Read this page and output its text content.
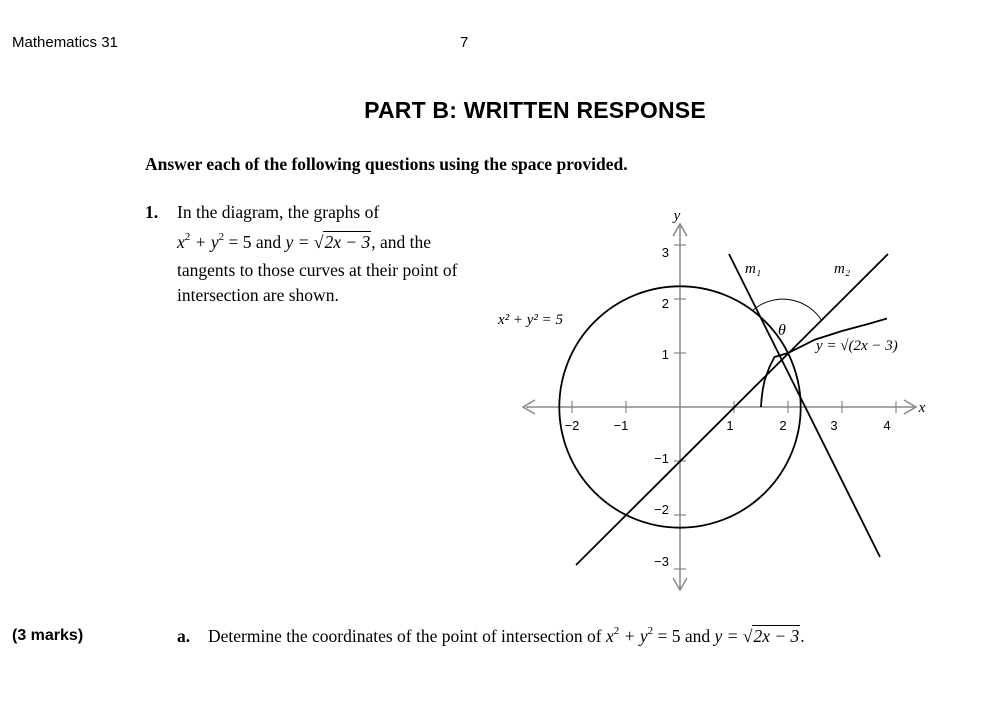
Mathematics 31	7
PART B: WRITTEN RESPONSE
Answer each of the following questions using the space provided.
1. In the diagram, the graphs of
$x^2 + y^2 = 5$ and y = √2x − 3, and the
tangents to those curves at their point of
intersection are shown.
−2	−1	1	2	3	4
3
2
1
−1
−2
−3
y
x
m₁	m₂
θ
y = √(2x − 3)
x² + y² = 5
(3 marks)	a. Determine the coordinates of the point of intersection of $x^2 + y^2 = 5$ and y = √2x − 3.
